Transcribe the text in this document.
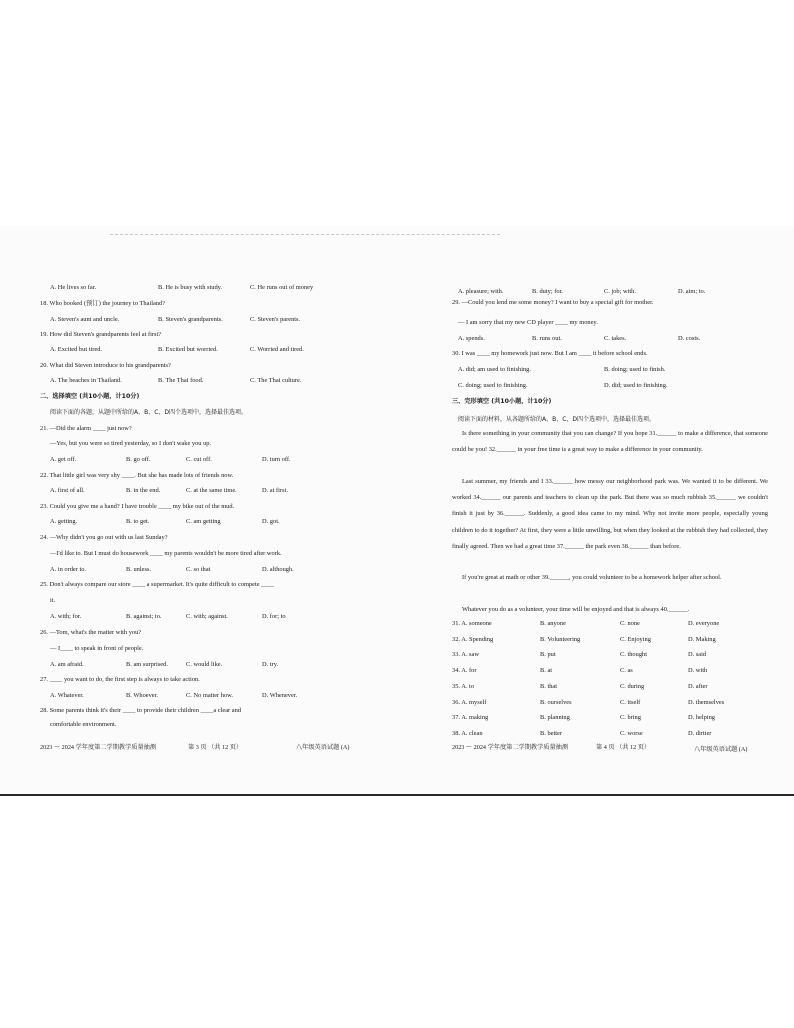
A. He lives so far.	B. He is busy with study.	C. He runs out of money
18. Who booked (预订) the journey to Thailand?
A. Steven's aunt and uncle.	B. Steven's grandparents.	C. Steven's parents.
19. How did Steven's grandparents feel at first?
A. Excited but tired.	B. Excited but worried.	C. Worried and tired.
20. What did Steven introduce to his grandparents?
A. The beaches in Thailand.	B. The Thai food.	C. The Thai culture.
二、选择填空 (共10小题，计10分)
阅读下面的各题，从题中所给的A、B、C、D四个选项中，选择最佳选项。
21. —Did the alarm ____ just now?
—Yes, but you were so tired yesterday, so I don't wake you up.
A. get off.	B. go off.	C. cut off.	D. turn off.
22. That little girl was very shy ____. But she has made lots of friends now.
A. first of all.	B. in the end.	C. at the same time.	D. at first.
23. Could you give me a hand? I have trouble ____ my bike out of the mud.
A. getting.	B. to get.	C. am getting	D. got.
24. —Why didn't you go out with us last Sunday?
—I'd like to. But I must do housework ____ my parents wouldn't be more tired after work.
A. in order to.	B. unless.	C. so that	D. although.
25. Don't always compare our store ____ a supermarket. It's quite difficult to compete ____
it.
A. with; for.	B. against; to.	C. with; against.	D. for; to
26. —Tom, what's the matter with you?
— I____ to speak in front of people.
A. am afraid.	B. am surprised.	C. would like.	D. try.
27. ____ you want to do, the first step is always to take action.
A. Whatever.	B. Whoever.	C. No matter how.	D. Whenever.
28. Some parents think it's their ____ to provide their children ____a clear and
comfortable environment.
2023 ～ 2024 学年度第二学期教学质量抽测	第 3 页 （共 12 页）	八年级英语试题 (A)
A. pleasure; with.	B. duty; for.	C. job; with.	D. aim; to.
29. —Could you lend me some money? I want to buy a special gift for mother.
— I am sorry that my new CD player ____ my money.
A. spends.	B. runs out.	C. takes.	D. costs.
30. I was ____ my homework just now. But I am ____ it before school ends.
A. did; am used to finishing.	B. doing; used to finish.
C. doing; used to finishing.	D. did; used to finishing.
三、完形填空 (共10小题，计10分)
阅读下面的材料，从各题所给的A、B、C、D四个选项中，选择最佳选项。
Is there something in your community that you can change? If you hope 31.______ to make a difference, that someone could be you! 32.______ in your free time is a great way to make a difference in your community.
Last summer, my friends and I 33.______ how messy our neighborhood park was. We wanted it to be different. We worked 34.______ our parents and teachers to clean up the park. But there was so much rubbish 35.______ we couldn't finish it just by 36.______. Suddenly, a good idea came to my mind. Why not invite more people, especially young children to do it together? At first, they were a little unwilling, but when they looked at the rubbish they had collected, they finally agreed. Then we had a great time 37.______ the park even 38.______ than before.
If you're great at math or other 39.______, you could volunteer to be a homework helper after school.
Whatever you do as a volunteer, your time will be enjoyed and that is always 40.______.
31. A. someone	B. anyone	C. none	D. everyone
32. A. Spending	B. Volunteering	C. Enjoying	D. Making
33. A. saw	B. put	C. thought	D. said
34. A. for	B. at	C. as	D. with
35. A. to	B. that	C. during	D. after
36. A. myself	B. ourselves	C. itself	D. themselves
37. A. making	B. planning	C. bring	D. helping
38. A. clean	B. better	C. worse	D. dirtier
2023 ～ 2024 学年度第二学期教学质量抽测	第 4 页 （共 12 页）	八年级英语试题 (A)
